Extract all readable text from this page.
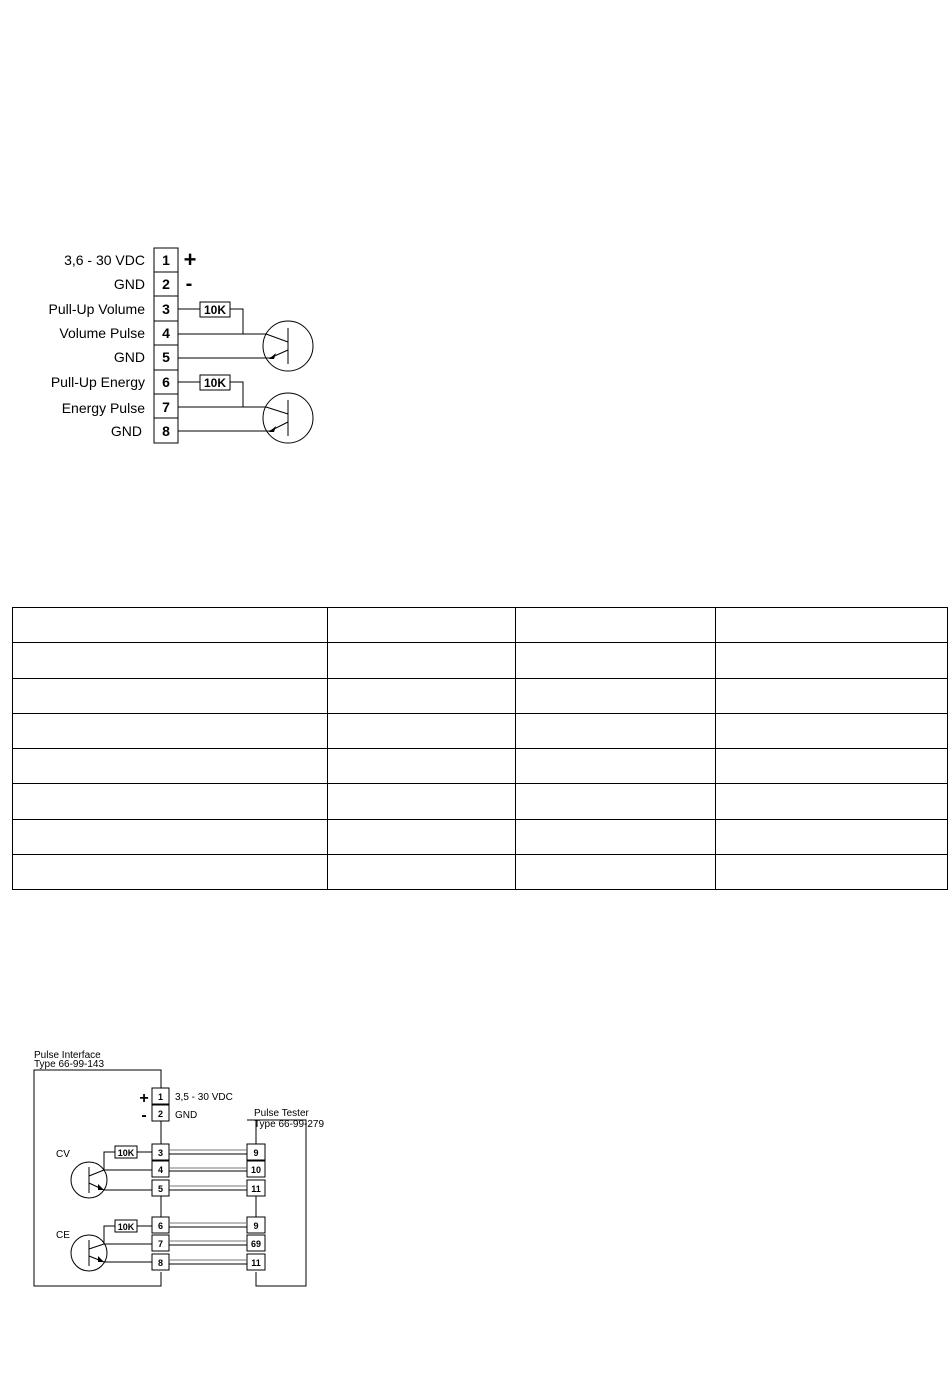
3,6 - 30 VDC
GND
Pull-Up Volume
Volume Pulse
GND
Pull-Up Energy
Energy Pulse
GND
1
2
3
4
5
6
7
8
+
-
10K
10K

Pulse Interface
Type 66-99-143
Pulse Tester
Type 66-99-279
3,5 - 30 VDC
GND
CV
CE
+
-
10K
10K
1
2
3
4
5
6
7
8
9
10
11
9
69
11
